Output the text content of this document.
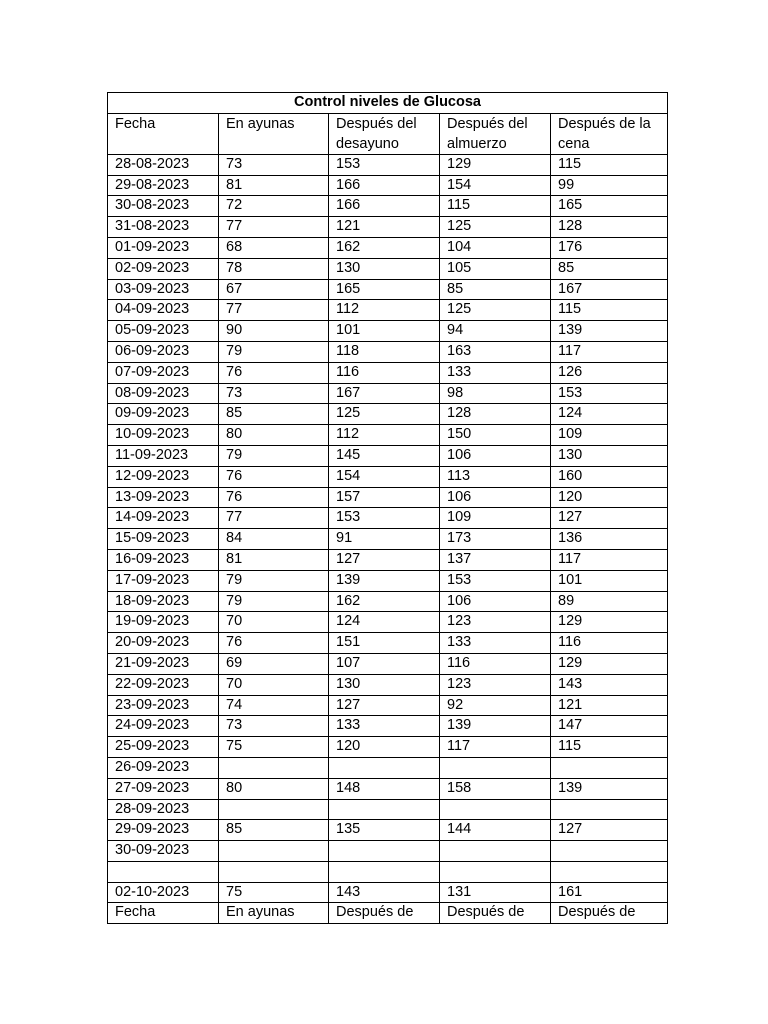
Control niveles de Glucosa				
Fecha	En ayunas	Después del desayuno	Después del almuerzo	Después de la cena
28-08-2023	73	153	129	115
29-08-2023	81	166	154	99
30-08-2023	72	166	115	165
31-08-2023	77	121	125	128
01-09-2023	68	162	104	176
02-09-2023	78	130	105	85
03-09-2023	67	165	85	167
04-09-2023	77	112	125	115
05-09-2023	90	101	94	139
06-09-2023	79	118	163	117
07-09-2023	76	116	133	126
08-09-2023	73	167	98	153
09-09-2023	85	125	128	124
10-09-2023	80	112	150	109
11-09-2023	79	145	106	130
12-09-2023	76	154	113	160
13-09-2023	76	157	106	120
14-09-2023	77	153	109	127
15-09-2023	84	91	173	136
16-09-2023	81	127	137	117
17-09-2023	79	139	153	101
18-09-2023	79	162	106	89
19-09-2023	70	124	123	129
20-09-2023	76	151	133	116
21-09-2023	69	107	116	129
22-09-2023	70	130	123	143
23-09-2023	74	127	92	121
24-09-2023	73	133	139	147
25-09-2023	75	120	117	115
26-09-2023				
27-09-2023	80	148	158	139
28-09-2023				
29-09-2023	85	135	144	127
30-09-2023				

02-10-2023	75	143	131	161
Fecha	En ayunas	Después de	Después de	Después de
